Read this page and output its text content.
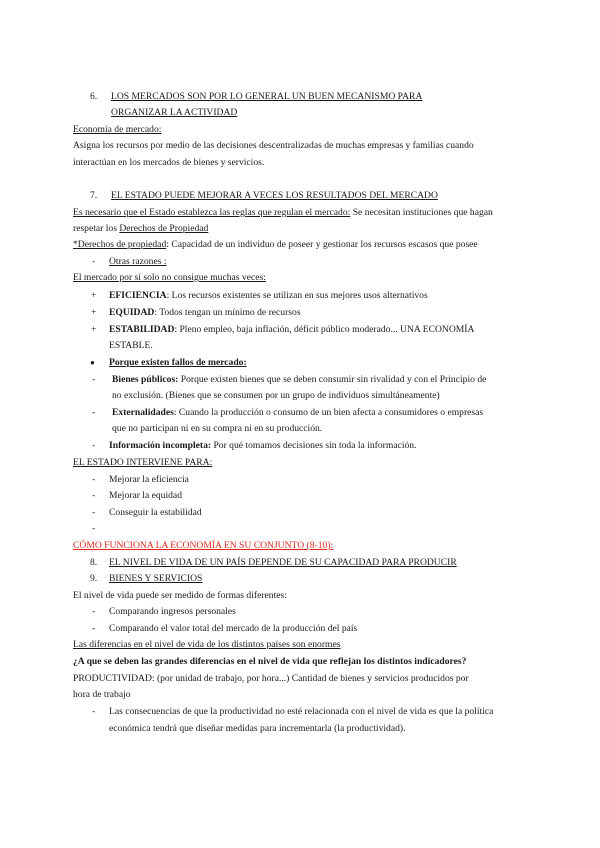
6. LOS MERCADOS SON POR LO GENERAL UN BUEN MECANISMO PARA
ORGANIZAR LA ACTIVIDAD
Economía de mercado:
Asigna los recursos por medio de las decisiones descentralizadas de muchas empresas y familias cuando
interactúan en los mercados de bienes y servicios.
7. EL ESTADO PUEDE MEJORAR A VECES LOS RESULTADOS DEL MERCADO
Es necesario que el Estado establezca las reglas que regulan el mercado: Se necesitan instituciones que hagan
respetar los Derechos de Propiedad
*Derechos de propiedad: Capacidad de un individuo de poseer y gestionar los recursos escasos que posee
- Otras razones :
El mercado por sí solo no consigue muchas veces:
+ EFICIENCIA: Los recursos existentes se utilizan en sus mejores usos alternativos
+ EQUIDAD: Todos tengan un mínimo de recursos
+ ESTABILIDAD: Pleno empleo, baja inflación, déficit público moderado... UNA ECONOMÍA
ESTABLE.
● Porque existen fallos de mercado:
- Bienes públicos: Porque existen bienes que se deben consumir sin rivalidad y con el Principio de
no exclusión. (Bienes que se consumen por un grupo de individuos simultáneamente)
- Externalidades: Cuando la producción o consumo de un bien afecta a consumidores o empresas
que no participan ni en su compra ni en su producción.
- Información incompleta: Por qué tomamos decisiones sin toda la información.
EL ESTADO INTERVIENE PARA:
- Mejorar la eficiencia
- Mejorar la equidad
- Conseguir la estabilidad
-
CÓMO FUNCIONA LA ECONOMÍA EN SU CONJUNTO (8-10):
8. EL NIVEL DE VIDA DE UN PAÍS DEPENDE DE SU CAPACIDAD PARA PRODUCIR
9. BIENES Y SERVICIOS
El nivel de vida puede ser medido de formas diferentes:
- Comparando ingresos personales
- Comparando el valor total del mercado de la producción del país
Las diferencias en el nivel de vida de los distintos países son enormes
¿A que se deben las grandes diferencias en el nivel de vida que reflejan los distintos indicadores?
PRODUCTIVIDAD: (por unidad de trabajo, por hora...) Cantidad de bienes y servicios producidos por
hora de trabajo
- Las consecuencias de que la productividad no esté relacionada con el nivel de vida es que la política
económica tendrá que diseñar medidas para incrementarla (la productividad).
